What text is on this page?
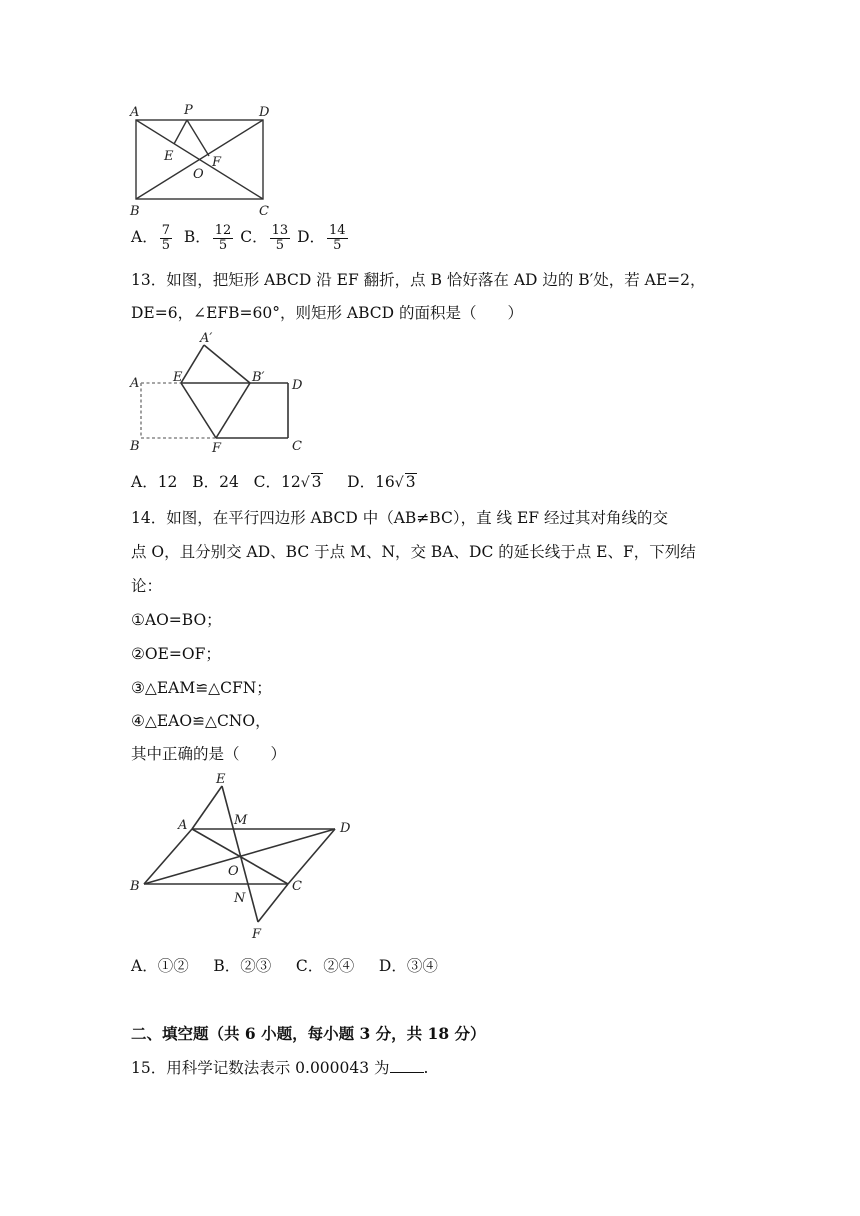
A	P	D
E	F
O
B	C
A． $\frac{7}{5}$ B． $\frac{12}{5}$ C． $\frac{13}{5}$ D． $\frac{14}{5}$
13．如图，把矩形 ABCD 沿 EF 翻折，点 B 恰好落在 AD 边的 B′处，若 AE=2，
DE=6，∠EFB=60°，则矩形 ABCD 的面积是（　　）
A′
A	E	B′
D
B	F	C
A．12 B．24 C．12√ 3 D．16√ 3
14．如图，在平行四边形 ABCD 中（AB≠BC），直 线 EF 经过其对角线的交
点 O，且分别交 AD、BC 于点 M、N，交 BA、DC 的延长线于点 E、F，下列结
论：
①AO=BO；
②OE=OF；
③△EAM≌△CFN；
④△EAO≌△CNO，
其中正确的是（　　）
E
A	M
D
O
B
N
C
F
A．①② B．②③ C．②④ D．③④
二、填空题（共 6 小题，每小题 3 分，共 18 分）
15．用科学记数法表示 0.000043 为 .
